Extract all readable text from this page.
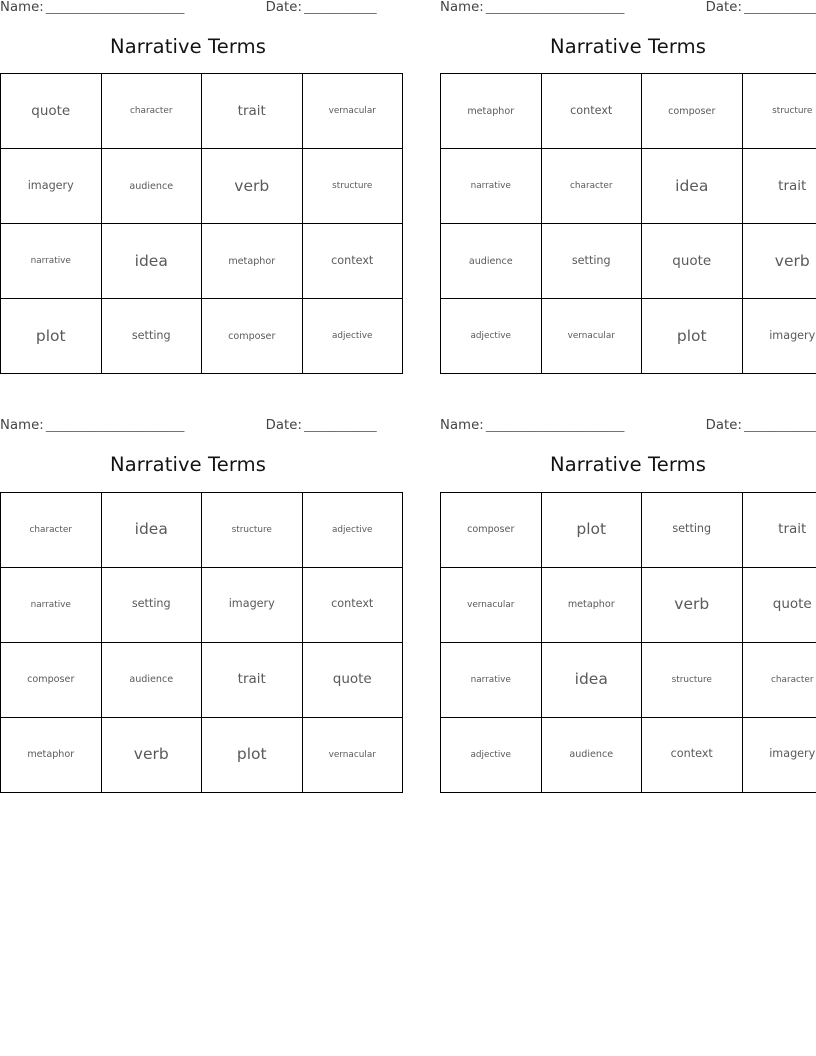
Name: _______________________	Date: ____________
Narrative Terms
quote	character	trait	vernacular
imagery	audience	verb	structure
narrative	idea	metaphor	context
plot	setting	composer	adjective
Name: _______________________	Date: ____________
Narrative Terms
metaphor	context	composer	structure
narrative	character	idea	trait
audience	setting	quote	verb
adjective	vernacular	plot	imagery
Name: _______________________	Date: ____________
Narrative Terms
character	idea	structure	adjective
narrative	setting	imagery	context
composer	audience	trait	quote
metaphor	verb	plot	vernacular
Name: _______________________	Date: ____________
Narrative Terms
composer	plot	setting	trait
vernacular	metaphor	verb	quote
narrative	idea	structure	character
adjective	audience	context	imagery
